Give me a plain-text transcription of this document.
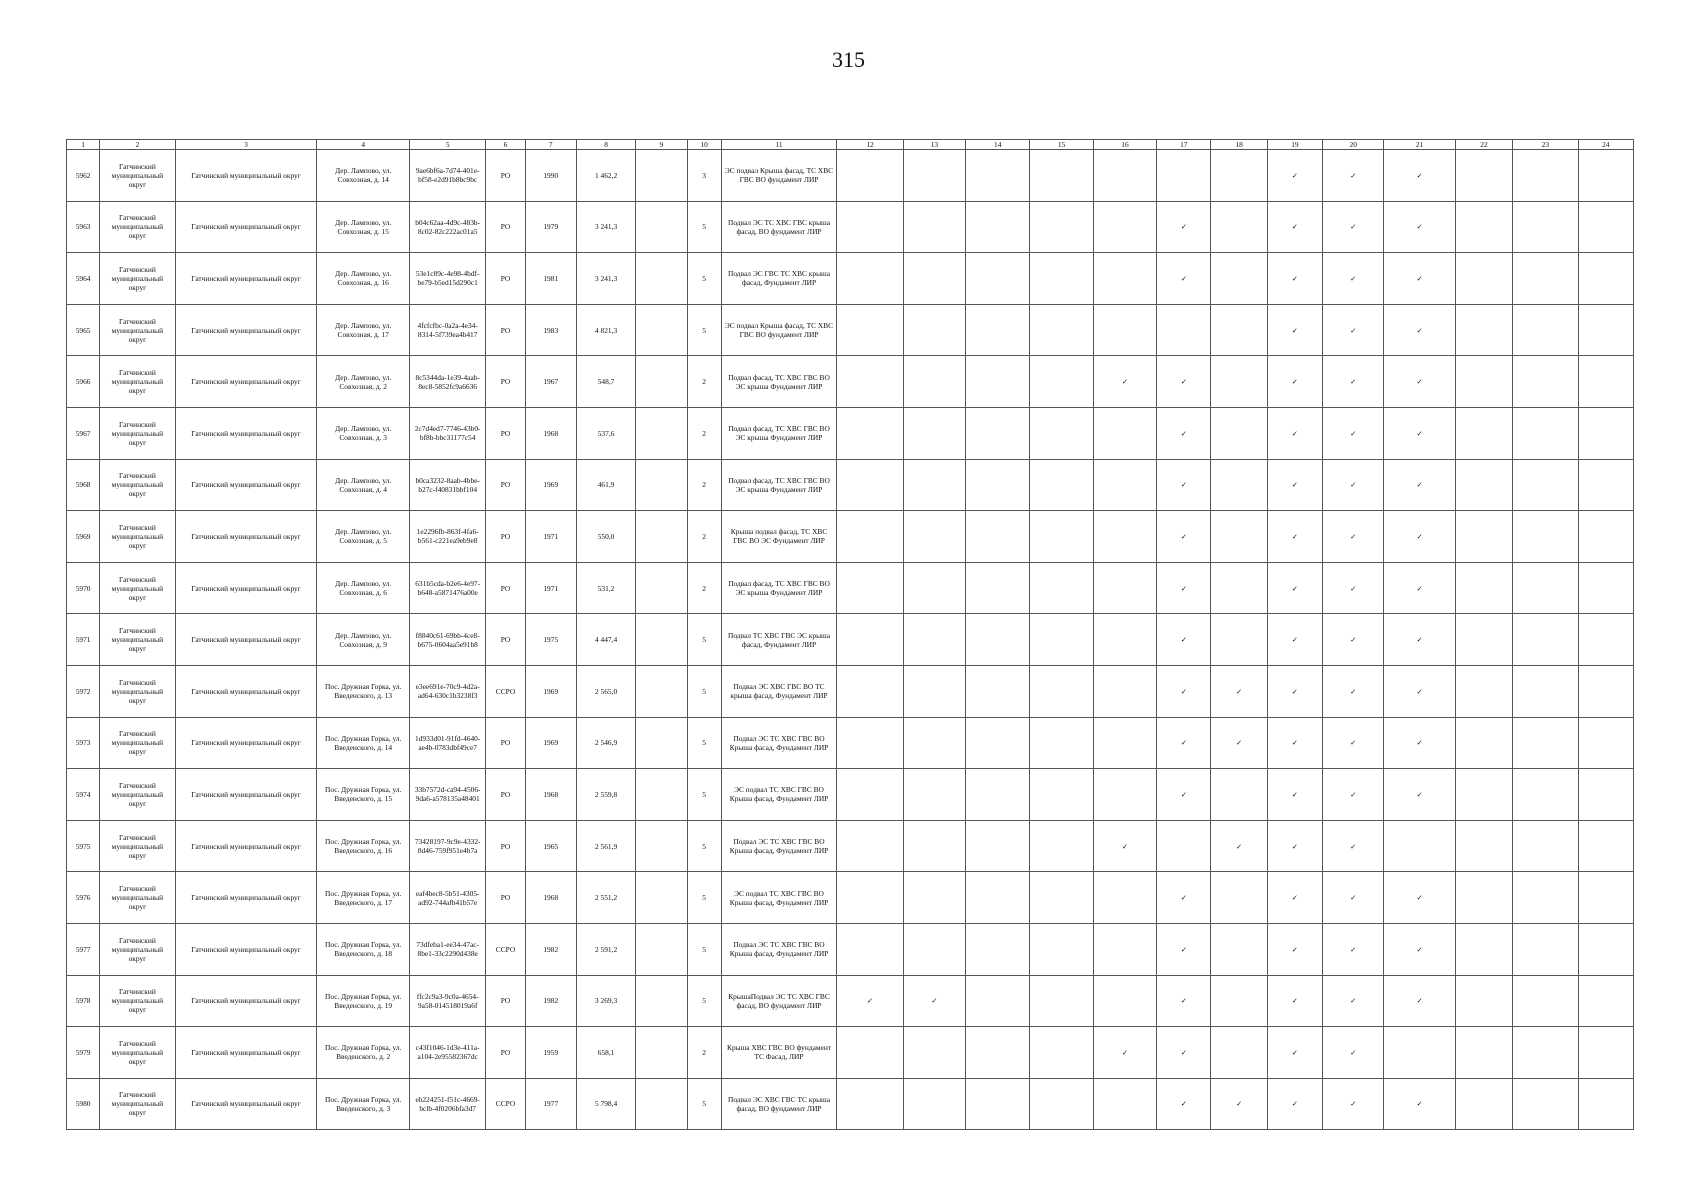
315
1	2	3	4	5	6	7	8	9	10	11	12	13	14	15	16	17	18	19	20	21	22	23	24
5962	Гатчинский муниципальный округ	Гатчинский муниципальный округ	Дер. Лампово, ул. Совхозная, д. 14	9ae6bf6a-7d74-401e-bf58-e2d91b8bc9bc	РО	1990	1 462,2		3	ЭС подвал Крыша фасад, ТС ХВС ГВС ВО фундамент ЛИР								✓	✓	✓			
5963	Гатчинский муниципальный округ	Гатчинский муниципальный округ	Дер. Лампово, ул. Совхозная, д. 15	b04c62aa-4d9c-483b-8c02-82c222ac01a5	РО	1979	3 241,3		5	Подвал ЭС ТС ХВС ГВС крыша фасад, ВО фундамент ЛИР						✓		✓	✓	✓			
5964	Гатчинский муниципальный округ	Гатчинский муниципальный округ	Дер. Лампово, ул. Совхозная, д. 16	53e1c89c-4e98-4bdf-be79-b5ed15d290c1	РО	1981	3 241,3		5	Подвал ЭС ГВС ТС ХВС крыша фасад, Фундамент ЛИР						✓		✓	✓	✓			
5965	Гатчинский муниципальный округ	Гатчинский муниципальный округ	Дер. Лампово, ул. Совхозная, д. 17	4fcfcfbc-0a2a-4e34-8314-5f739ea4b417	РО	1983	4 821,3		5	ЭС подвал Крыша фасад, ТС ХВС ГВС ВО фундамент ЛИР								✓	✓	✓			
5966	Гатчинский муниципальный округ	Гатчинский муниципальный округ	Дер. Лампово, ул. Совхозная, д. 2	8c5344da-1e39-4aab-8ec8-5852fc9a6636	РО	1967	548,7		2	Подвал фасад, ТС ХВС ГВС ВО ЭС крыша Фундамент ЛИР					✓	✓		✓	✓	✓			
5967	Гатчинский муниципальный округ	Гатчинский муниципальный округ	Дер. Лампово, ул. Совхозная, д. 3	2c7d4ed7-7746-43b0-bf8b-bbc31177c54	РО	1968	537,6		2	Подвал фасад, ТС ХВС ГВС ВО ЭС крыша Фундамент ЛИР						✓		✓	✓	✓			
5968	Гатчинский муниципальный округ	Гатчинский муниципальный округ	Дер. Лампово, ул. Совхозная, д. 4	b0ca3232-8aab-4bbe-b27c-f40831bbf104	РО	1969	461,9		2	Подвал фасад, ТС ХВС ГВС ВО ЭС крыша Фундамент ЛИР						✓		✓	✓	✓			
5969	Гатчинский муниципальный округ	Гатчинский муниципальный округ	Дер. Лампово, ул. Совхозная, д. 5	1e2296fb-863f-4fa6-b561-c221ea9eb9e8	РО	1971	550,0		2	Крыша подвал фасад, ТС ХВС ГВС ВО ЭС Фундамент ЛИР						✓		✓	✓	✓			
5970	Гатчинский муниципальный округ	Гатчинский муниципальный округ	Дер. Лампово, ул. Совхозная, д. 6	631b5cda-b2e6-4e97-b648-a5871476a00e	РО	1971	531,2		2	Подвал фасад, ТС ХВС ГВС ВО ЭС крыша Фундамент ЛИР						✓		✓	✓	✓			
5971	Гатчинский муниципальный округ	Гатчинский муниципальный округ	Дер. Лампово, ул. Совхозная, д. 9	f8840c61-69bb-4ce8-b675-0604aa5e91b8	РО	1975	4 447,4		5	Подвал ТС ХВС ГВС ЭС крыша фасад, Фундамент ЛИР						✓		✓	✓	✓			
5972	Гатчинский муниципальный округ	Гатчинский муниципальный округ	Пос. Дружная Горка, ул. Введенского, д. 13	e3ee691e-70c9-4d2a-ad64-630c1b3238f3	ССРО	1969	2 565,0		5	Подвал ЭС ХВС ГВС ВО ТС крыша фасад, Фундамент ЛИР						✓	✓	✓	✓	✓			
5973	Гатчинский муниципальный округ	Гатчинский муниципальный округ	Пос. Дружная Горка, ул. Введенского, д. 14	1d933d01-91fd-4640-ae4b-0783dbf49ce7	РО	1969	2 546,9		5	Подвал ЭС ТС ХВС ГВС ВО Крыша фасад, Фундамент ЛИР						✓	✓	✓	✓	✓			
5974	Гатчинский муниципальный округ	Гатчинский муниципальный округ	Пос. Дружная Горка, ул. Введенского, д. 15	33b7572d-ca94-4506-9da6-a578135a48401	РО	1968	2 559,8		5	ЭС подвал ТС ХВС ГВС ВО Крыша фасад, Фундамент ЛИР						✓		✓	✓	✓			
5975	Гатчинский муниципальный округ	Гатчинский муниципальный округ	Пос. Дружная Горка, ул. Введенского, д. 16	73428197-9c9e-4332-8d46-759f951e4b7a	РО	1965	2 561,9		5	Подвал ЭС ТС ХВС ГВС ВО Крыша фасад, Фундамент ЛИР					✓		✓	✓	✓				
5976	Гатчинский муниципальный округ	Гатчинский муниципальный округ	Пос. Дружная Горка, ул. Введенского, д. 17	eaf4bec8-5b51-4305-ad92-744afb41b57e	РО	1968	2 551,2		5	ЭС подвал ТС ХВС ГВС ВО Крыша фасад, Фундамент ЛИР						✓		✓	✓	✓			
5977	Гатчинский муниципальный округ	Гатчинский муниципальный округ	Пос. Дружная Горка, ул. Введенского, д. 18	73dfeba1-ee34-47ac-8be1-33c2290d438e	ССРО	1982	2 591,2		5	Подвал ЭС ТС ХВС ГВС ВО Крыша фасад, Фундамент ЛИР						✓		✓	✓	✓			
5978	Гатчинский муниципальный округ	Гатчинский муниципальный округ	Пос. Дружная Горка, ул. Введенского, д. 19	ffc2c9a3-9c0a-4654-9a58-014518019a6f	РО	1982	3 269,3		5	КрышаПодвал ЭС ТС ХВС ГВС фасад, ВО фундамент ЛИР	✓	✓				✓		✓	✓	✓			
5979	Гатчинский муниципальный округ	Гатчинский муниципальный округ	Пос. Дружная Горка, ул. Введенского, д. 2	c43f1046-1d3e-411a-a104-2e95582367dc	РО	1959	658,1		2	Крыша ХВС ГВС ВО фундамент ТС Фасад, ЛИР					✓	✓		✓	✓				
5980	Гатчинский муниципальный округ	Гатчинский муниципальный округ	Пос. Дружная Горка, ул. Введенского, д. 3	eb224251-f51c-4669-bclb-4f0206bfa3d7	ССРО	1977	5 798,4		5	Подвал ЭС ХВС ГВС ТС крыша фасад, ВО фундамент ЛИР						✓	✓	✓	✓	✓			
